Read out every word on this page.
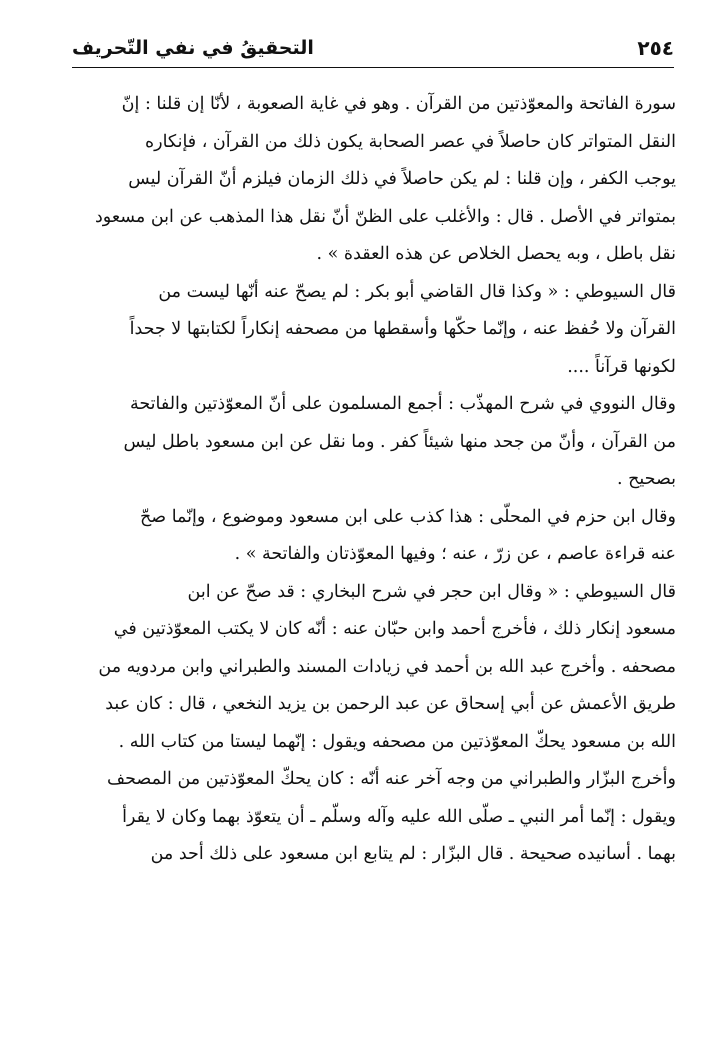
٢٥٤
التحقيقُ في نفي التّحريف
سورة الفاتحة والمعوّذتين من القرآن . وهو في غاية الصعوبة ، لأنّا إن قلنا : إنّ
النقل المتواتر كان حاصلاً في عصر الصحابة يكون ذلك من القرآن ، فإنكاره
يوجب الكفر ، وإن قلنا : لم يكن حاصلاً في ذلك الزمان فيلزم أنّ القرآن ليس
بمتواتر في الأصل . قال : والأغلب على الظنّ أنّ نقل هذا المذهب عن ابن مسعود
نقل باطل ، وبه يحصل الخلاص عن هذه العقدة » .
قال السيوطي : « وكذا قال القاضي أبو بكر : لم يصحّ عنه أنّها ليست من
القرآن ولا حُفظ عنه ، وإنّما حكّها وأسقطها من مصحفه إنكاراً لكتابتها لا جحداً
لكونها قرآناً ....
وقال النووي في شرح المهذّب : أجمع المسلمون على أنّ المعوّذتين والفاتحة
من القرآن ، وأنّ من جحد منها شيئاً كفر . وما نقل عن ابن مسعود باطل ليس
بصحيح .
وقال ابن حزم في المحلّى : هذا كذب على ابن مسعود وموضوع ، وإنّما صحّ
عنه قراءة عاصم ، عن زرّ ، عنه ؛ وفيها المعوّذتان والفاتحة » .
قال السيوطي : « وقال ابن حجر في شرح البخاري : قد صحّ عن ابن
مسعود إنكار ذلك ، فأخرج أحمد وابن حبّان عنه : أنّه كان لا يكتب المعوّذتين في
مصحفه . وأخرج عبد الله بن أحمد في زيادات المسند والطبراني وابن مردويه من
طريق الأعمش عن أبي إسحاق عن عبد الرحمن بن يزيد النخعي ، قال : كان عبد
الله بن مسعود يحكّ المعوّذتين من مصحفه ويقول : إنّهما ليستا من كتاب الله .
وأخرج البزّار والطبراني من وجه آخر عنه أنّه : كان يحكّ المعوّذتين من المصحف
ويقول : إنّما أمر النبي ـ صلّى الله عليه وآله وسلّم ـ أن يتعوّذ بهما وكان لا يقرأ
بهما . أسانيده صحيحة . قال البزّار : لم يتابع ابن مسعود على ذلك أحد من
